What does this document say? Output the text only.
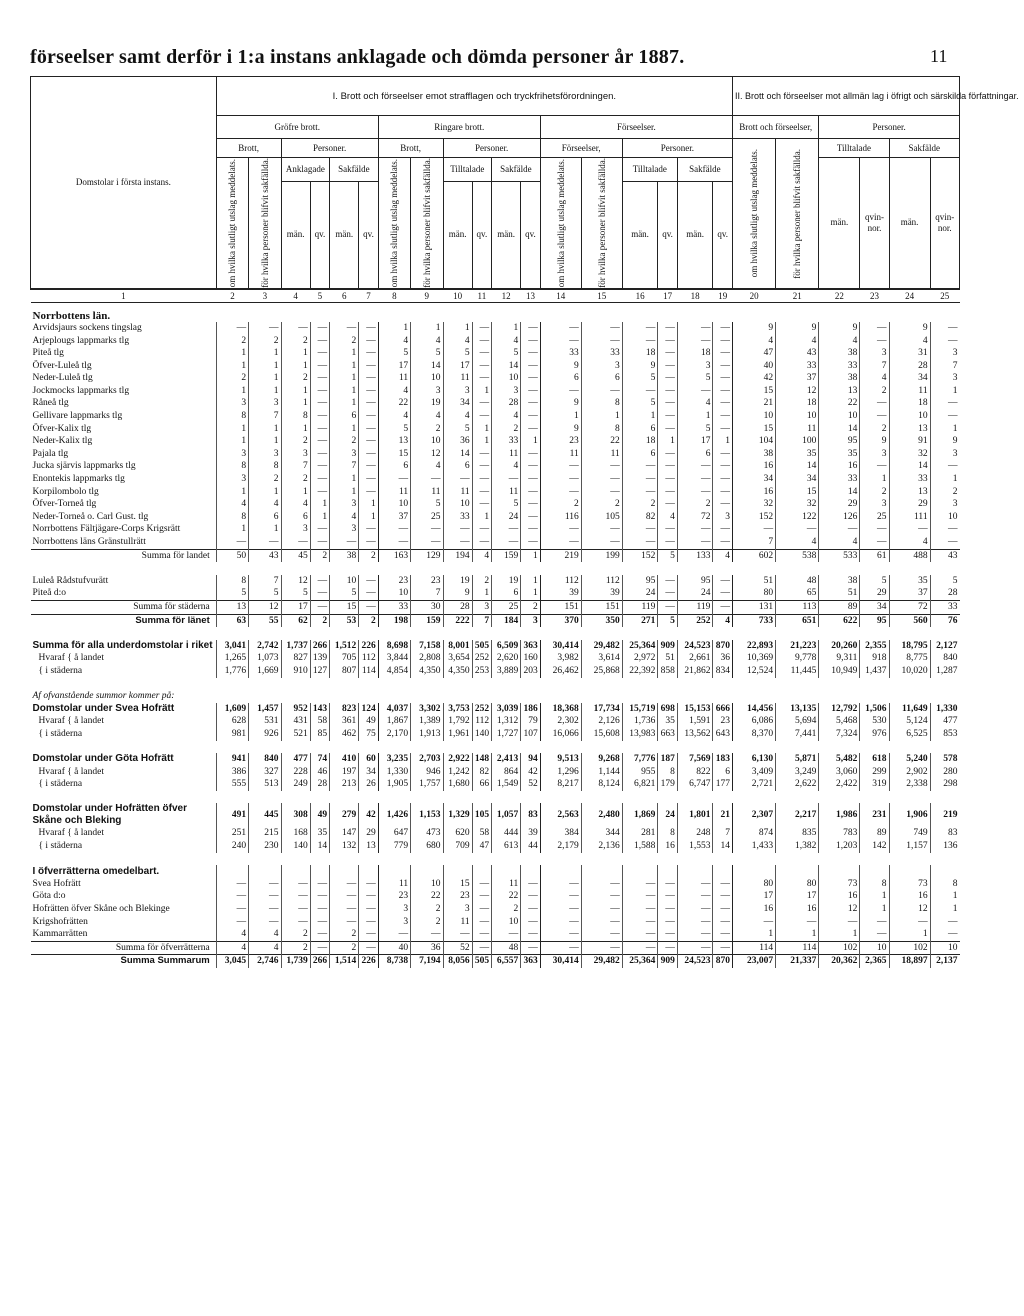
förseelser samt derför i 1:a instans anklagade och dömda personer år 1887.	11
Domstolar i första instans.	I. Brott och förseelser emot strafflagen och tryckfrihetsförordningen.																		II. Brott och förseelser mot allmän lag i öfrigt och särskilda författningar.					
	Gröfre brott.						Ringare brott.						Förseelser.						Brott och förseelser,		Personer.			
	Brott,		Personer.				Brott,		Personer.				Förseelser,		Personer.				om hvilka slutligt utslag meddelats.	för hvilka personer blifvit sakfällda.	Tilltalade		Sakfälde	

	om hvilka slutligt utslag meddelats.	för hvilka personer blifvit sakfällda.	Anklagade		Sakfälde		om hvilka slutligt utslag meddelats.	för hvilka personer blifvit sakfällda.	Tilltalade		Sakfälde		om hvilka slutligt utslag meddelats.	för hvilka personer blifvit sakfällda.	Tilltalade		Sakfälde				män.	qvin-nor.	män.	qvin-nor.
			män.	qv.	män.	qv.			män.	qv.	män.	qv.			män.	qv.	män.	qv.						
1	2	3	4	5	6	7	8	9	10	11	12	13	14	15	16	17	18	19	20	21	22	23	24	25
Norrbottens län.																								
Arvidsjaurs sockens tingslag	—	—	—	—	—	—	1	1	1	—	1	—	—	—	—	—	—	—	9	9	9	—	9	—
Arjeplougs lappmarks tlg	2	2	2	—	2	—	4	4	4	—	4	—	—	—	—	—	—	—	4	4	4	—	4	—
Piteå tlg	1	1	1	—	1	—	5	5	5	—	5	—	33	33	18	—	18	—	47	43	38	3	31	3
Öfver-Luleå tlg	1	1	1	—	1	—	17	14	17	—	14	—	9	3	9	—	3	—	40	33	33	7	28	7
Neder-Luleå tlg	2	1	2	—	1	—	11	10	11	—	10	—	6	6	5	—	5	—	42	37	38	4	34	3
Jockmocks lappmarks tlg	1	1	1	—	1	—	4	3	3	1	3	—	—	—	—	—	—	—	15	12	13	2	11	1
Råneå tlg	3	3	1	—	1	—	22	19	34	—	28	—	9	8	5	—	4	—	21	18	22	—	18	—
Gellivare lappmarks tlg	8	7	8	—	6	—	4	4	4	—	4	—	1	1	1	—	1	—	10	10	10	—	10	—
Öfver-Kalix tlg	1	1	1	—	1	—	5	2	5	1	2	—	9	8	6	—	5	—	15	11	14	2	13	1
Neder-Kalix tlg	1	1	2	—	2	—	13	10	36	1	33	1	23	22	18	1	17	1	104	100	95	9	91	9
Pajala tlg	3	3	3	—	3	—	15	12	14	—	11	—	11	11	6	—	6	—	38	35	35	3	32	3
Jucka sjärvis lappmarks tlg	8	8	7	—	7	—	6	4	6	—	4	—	—	—	—	—	—	—	16	14	16	—	14	—
Enontekis lappmarks tlg	3	2	2	—	1	—	—	—	—	—	—	—	—	—	—	—	—	—	34	34	33	1	33	1
Korpilombolo tlg	1	1	1	—	1	—	11	11	11	—	11	—	—	—	—	—	—	—	16	15	14	2	13	2
Öfver-Torneå tlg	4	4	4	1	3	1	10	5	10	—	5	—	2	2	2	—	2	—	32	32	29	3	29	3
Neder-Torneå o. Carl Gust. tlg	8	6	6	1	4	1	37	25	33	1	24	—	116	105	82	4	72	3	152	122	126	25	111	10
Norrbottens Fältjägare-Corps Krigsrätt	1	1	3	—	3	—	—	—	—	—	—	—	—	—	—	—	—	—	—	—	—	—	—	—
Norrbottens läns Gränstullrätt	—	—	—	—	—	—	—	—	—	—	—	—	—	—	—	—	—	—	7	4	4	—	4	—
Summa för landet	50	43	45	2	38	2	163	129	194	4	159	1	219	199	152	5	133	4	602	538	533	61	488	43

Luleå Rådstufvurätt	8	7	12	—	10	—	23	23	19	2	19	1	112	112	95	—	95	—	51	48	38	5	35	5
Piteå d:o	5	5	5	—	5	—	10	7	9	1	6	1	39	39	24	—	24	—	80	65	51	29	37	28
Summa för städerna	13	12	17	—	15	—	33	30	28	3	25	2	151	151	119	—	119	—	131	113	89	34	72	33
Summa för länet	63	55	62	2	53	2	198	159	222	7	184	3	370	350	271	5	252	4	733	651	622	95	560	76

Summa för alla underdomstolar i riket	3,041	2,742	1,737	266	1,512	226	8,698	7,158	8,001	505	6,509	363	30,414	29,482	25,364	909	24,523	870	22,893	21,223	20,260	2,355	18,795	2,127
Hvaraf { å landet	1,265	1,073	827	139	705	112	3,844	2,808	3,654	252	2,620	160	3,982	3,614	2,972	51	2,661	36	10,369	9,778	9,311	918	8,775	840
{ i städerna	1,776	1,669	910	127	807	114	4,854	4,350	4,350	253	3,889	203	26,462	25,868	22,392	858	21,862	834	12,524	11,445	10,949	1,437	10,020	1,287

Af ofvanstående summor kommer på:																								
Domstolar under Svea Hofrätt	1,609	1,457	952	143	823	124	4,037	3,302	3,753	252	3,039	186	18,368	17,734	15,719	698	15,153	666	14,456	13,135	12,792	1,506	11,649	1,330
Hvaraf { å landet	628	531	431	58	361	49	1,867	1,389	1,792	112	1,312	79	2,302	2,126	1,736	35	1,591	23	6,086	5,694	5,468	530	5,124	477
{ i städerna	981	926	521	85	462	75	2,170	1,913	1,961	140	1,727	107	16,066	15,608	13,983	663	13,562	643	8,370	7,441	7,324	976	6,525	853

Domstolar under Göta Hofrätt	941	840	477	74	410	60	3,235	2,703	2,922	148	2,413	94	9,513	9,268	7,776	187	7,569	183	6,130	5,871	5,482	618	5,240	578
Hvaraf { å landet	386	327	228	46	197	34	1,330	946	1,242	82	864	42	1,296	1,144	955	8	822	6	3,409	3,249	3,060	299	2,902	280
{ i städerna	555	513	249	28	213	26	1,905	1,757	1,680	66	1,549	52	8,217	8,124	6,821	179	6,747	177	2,721	2,622	2,422	319	2,338	298

Domstolar under Hofrätten öfver Skåne och Bleking	491	445	308	49	279	42	1,426	1,153	1,329	105	1,057	83	2,563	2,480	1,869	24	1,801	21	2,307	2,217	1,986	231	1,906	219
Hvaraf { å landet	251	215	168	35	147	29	647	473	620	58	444	39	384	344	281	8	248	7	874	835	783	89	749	83
{ i städerna	240	230	140	14	132	13	779	680	709	47	613	44	2,179	2,136	1,588	16	1,553	14	1,433	1,382	1,203	142	1,157	136

I öfverrätterna omedelbart.																								
Svea Hofrätt	—	—	—	—	—	—	11	10	15	—	11	—	—	—	—	—	—	—	80	80	73	8	73	8
Göta d:o	—	—	—	—	—	—	23	22	23	—	22	—	—	—	—	—	—	—	17	17	16	1	16	1
Hofrätten öfver Skåne och Blekinge	—	—	—	—	—	—	3	2	3	—	2	—	—	—	—	—	—	—	16	16	12	1	12	1
Krigshofrätten	—	—	—	—	—	—	3	2	11	—	10	—	—	—	—	—	—	—	—	—	—	—	—	—
Kammarrätten	4	4	2	—	2	—	—	—	—	—	—	—	—	—	—	—	—	—	1	1	1	—	1	—
Summa för öfverrätterna	4	4	2	—	2	—	40	36	52	—	48	—	—	—	—	—	—	—	114	114	102	10	102	10
Summa Summarum	3,045	2,746	1,739	266	1,514	226	8,738	7,194	8,056	505	6,557	363	30,414	29,482	25,364	909	24,523	870	23,007	21,337	20,362	2,365	18,897	2,137
